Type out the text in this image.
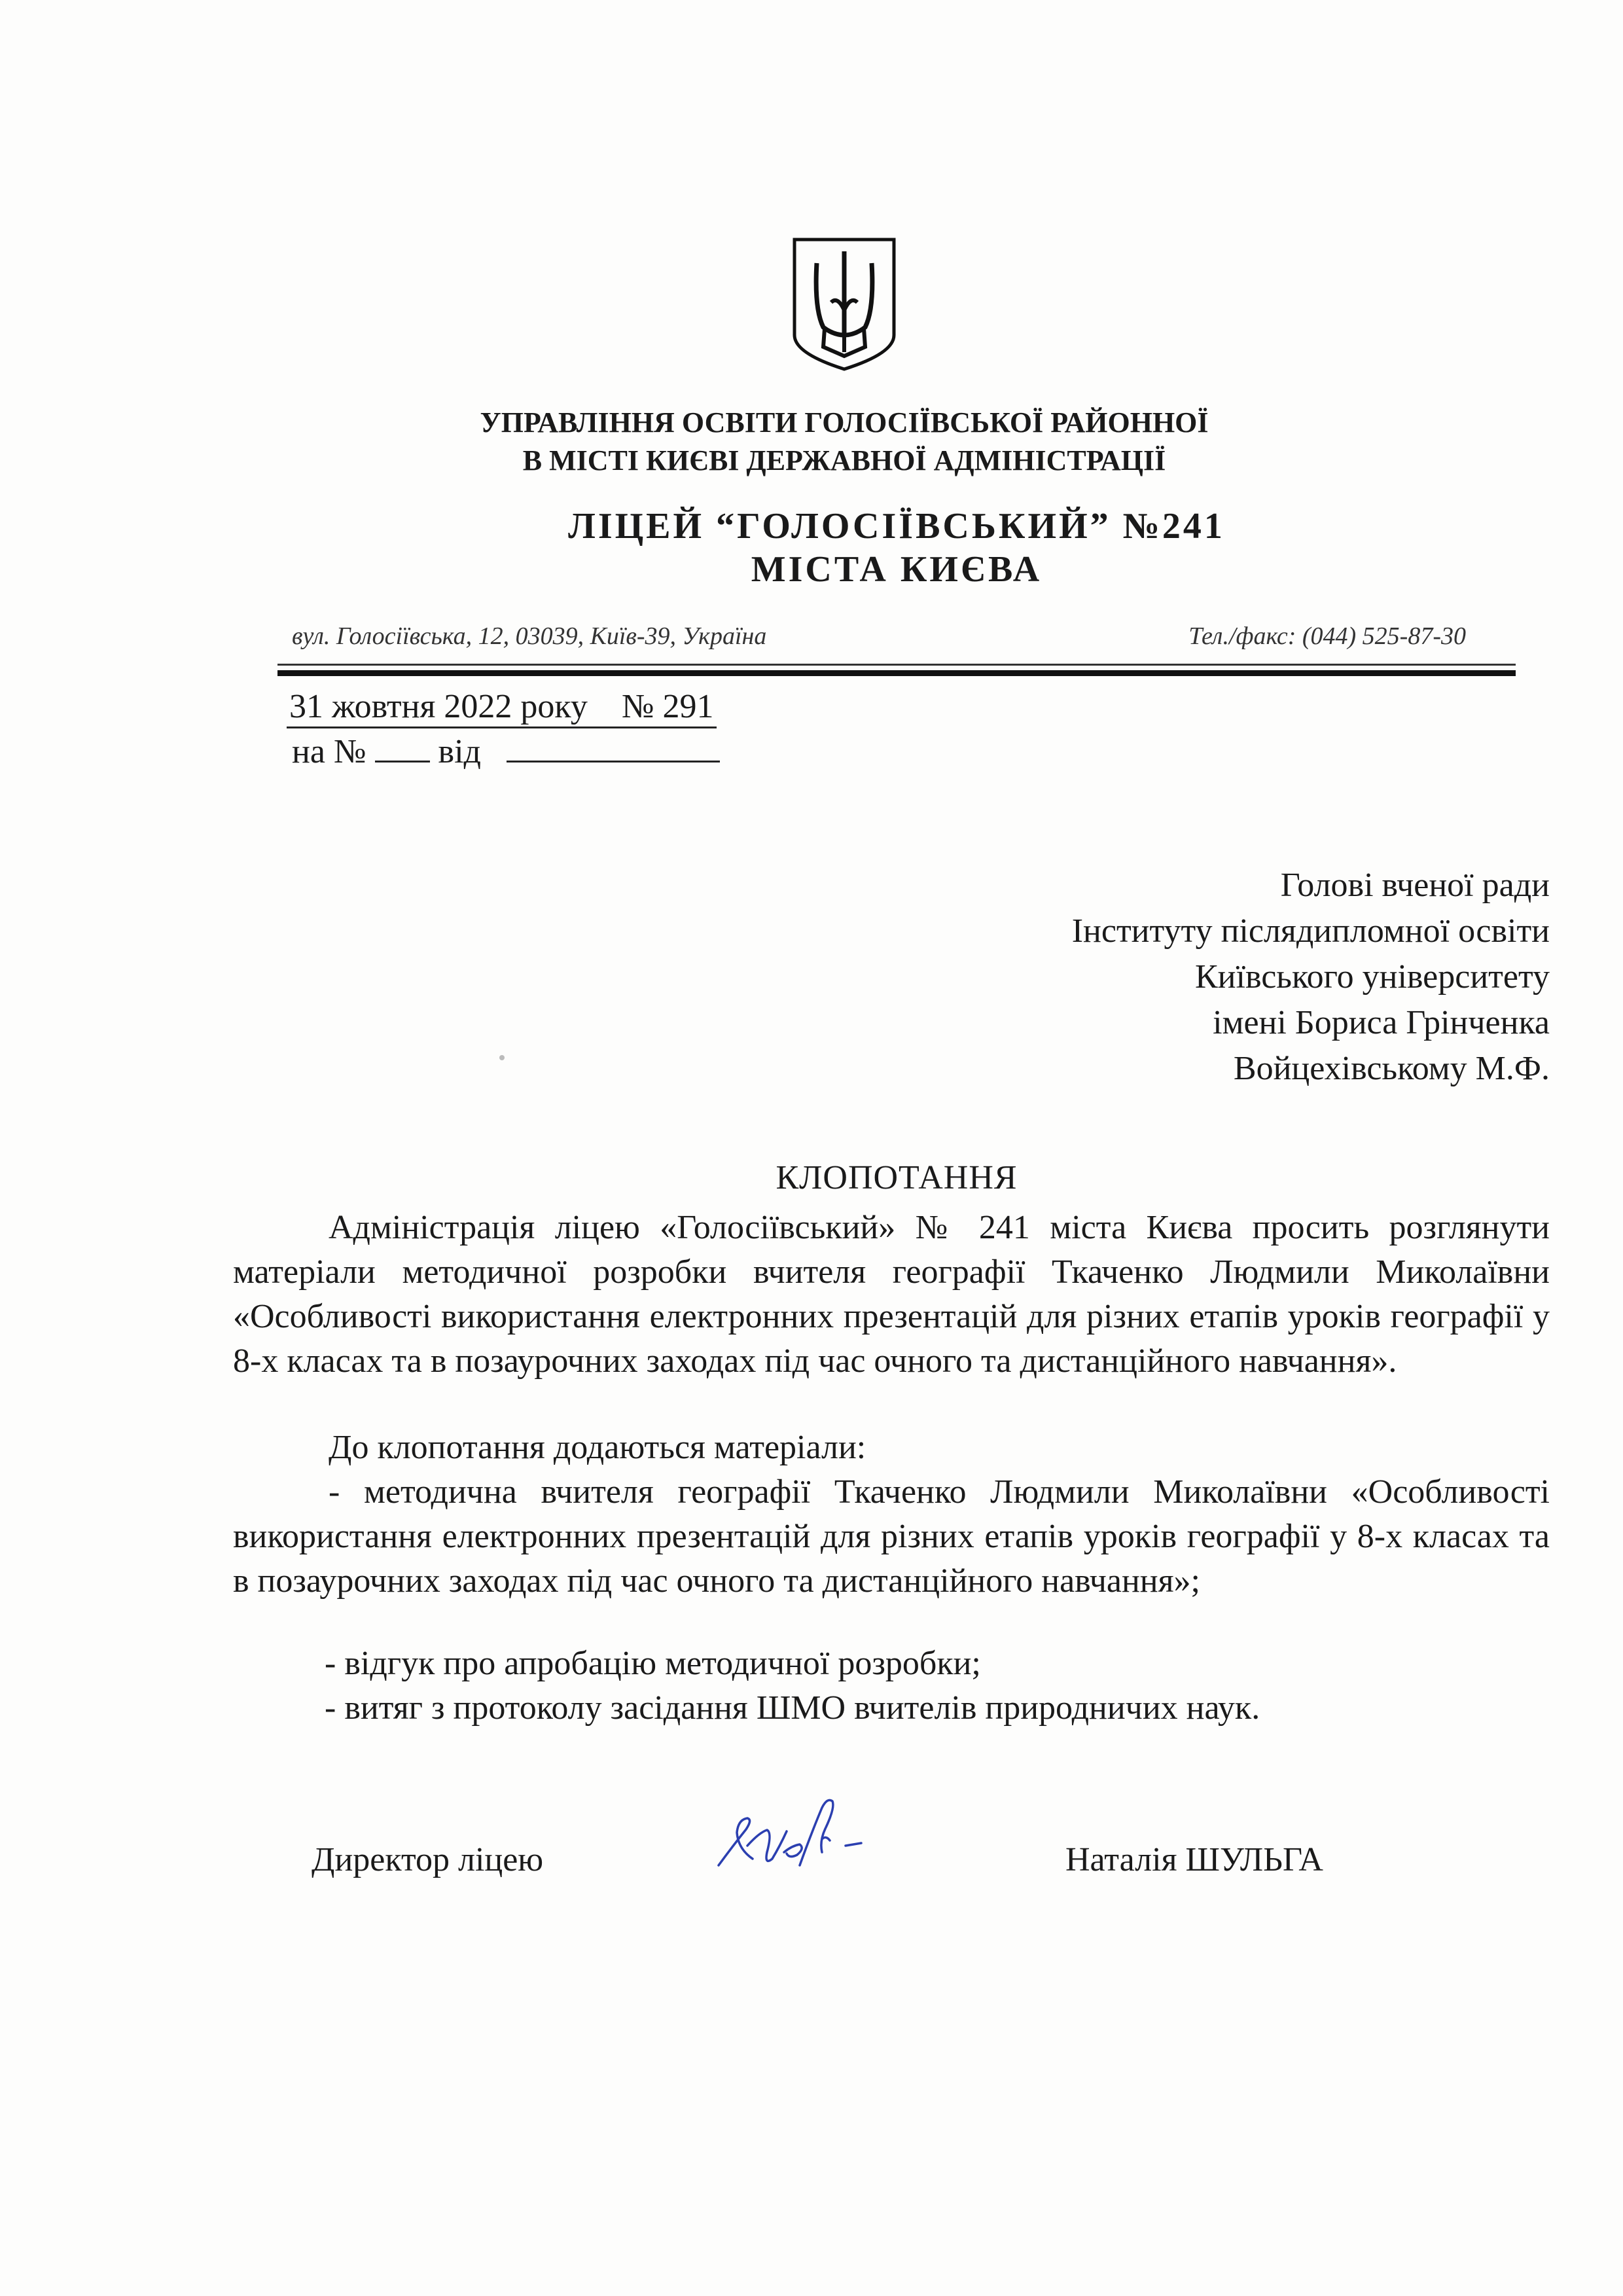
УПРАВЛІННЯ ОСВІТИ ГОЛОСІЇВСЬКОЇ РАЙОННОЇ
В МІСТІ КИЄВІ ДЕРЖАВНОЇ АДМІНІСТРАЦІЇ
ЛІЦЕЙ “ГОЛОСІЇВСЬКИЙ” №241
МІСТА КИЄВА
вул. Голосіївська, 12, 03039, Київ-39, Україна	Тел./факс: (044) 525-87-30
31 жовтня 2022 року № 291
на № від
Голові вченої ради
Інституту післядипломної освіти
Київського університету
імені Бориса Грінченка
Войцехівському М.Ф.
КЛОПОТАННЯ
Адміністрація ліцею «Голосіївський» № 241 міста Києва просить розглянути матеріали методичної розробки вчителя географії Ткаченко Людмили Миколаївни «Особливості використання електронних презентацій для різних етапів уроків географії у 8-х класах та в позаурочних заходах під час очного та дистанційного навчання».
До клопотання додаються матеріали:
- методична вчителя географії Ткаченко Людмили Миколаївни «Особливості використання електронних презентацій для різних етапів уроків географії у 8-х класах та в позаурочних заходах під час очного та дистанційного навчання»;
- відгук про апробацію методичної розробки;
- витяг з протоколу засідання ШМО вчителів природничих наук.
Директор ліцею	Наталія ШУЛЬГА
